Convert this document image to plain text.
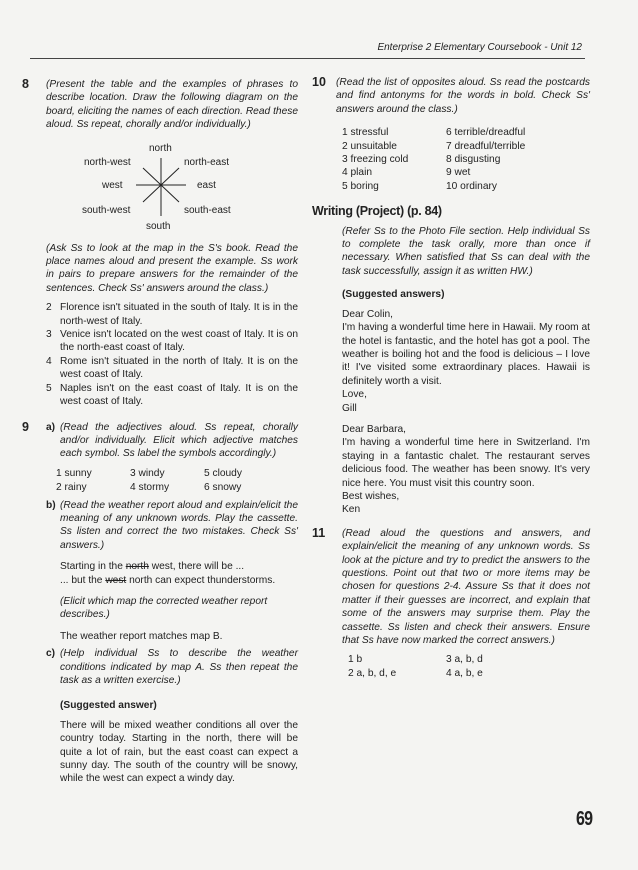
Enterprise 2 Elementary Coursebook - Unit 12
8	(Present the table and the examples of phrases to describe location. Draw the following diagram on the board, eliciting the names of each direction. Read these aloud. Ss repeat, chorally and/or individually.)
north
north-west	north-east
west	east
south-west	south-east
south
(Ask Ss to look at the map in the S's book. Read the place names aloud and present the example. Ss work in pairs to prepare answers for the remainder of the sentences. Check Ss' answers around the class.)
2 Florence isn't situated in the south of Italy. It is in the north-west of Italy.
3 Venice isn't located on the west coast of Italy. It is on the north-east coast of Italy.
4 Rome isn't situated in the north of Italy. It is on the west coast of Italy.
5 Naples isn't on the east coast of Italy. It is on the west coast of Italy.
9	a) (Read the adjectives aloud. Ss repeat, chorally and/or individually. Elicit which adjective matches each symbol. Ss label the symbols accordingly.)
1 sunny	3 windy	5 cloudy
2 rainy	4 stormy	6 snowy
b) (Read the weather report aloud and explain/elicit the meaning of any unknown words. Play the cassette. Ss listen and correct the two mistakes. Check Ss' answers.)
Starting in the north west, there will be ...
... but the west north can expect thunderstorms.
(Elicit which map the corrected weather report describes.)
The weather report matches map B.
c) (Help individual Ss to describe the weather conditions indicated by map A. Ss then repeat the task as a written exercise.)
(Suggested answer)
There will be mixed weather conditions all over the country today. Starting in the north, there will be quite a lot of rain, but the east coast can expect a sunny day. The south of the country will be snowy, while the west can expect a windy day.
10 (Read the list of opposites aloud. Ss read the postcards and find antonyms for the words in bold. Check Ss' answers around the class.)
1 stressful	6 terrible/dreadful
2 unsuitable	7 dreadful/terrible
3 freezing cold	8 disgusting
4 plain	9 wet
5 boring	10 ordinary
Writing (Project) (p. 84)
(Refer Ss to the Photo File section. Help individual Ss to complete the task orally, more than once if necessary. When satisfied that Ss can deal with the task successfully, assign it as written HW.)
(Suggested answers)
Dear Colin,
I'm having a wonderful time here in Hawaii. My room at the hotel is fantastic, and the hotel has got a pool. The weather is boiling hot and the food is delicious – I love it! I've visited some extraordinary places. Hawaii is definitely worth a visit.
Love,
Gill
Dear Barbara,
I'm having a wonderful time here in Switzerland. I'm staying in a fantastic chalet. The restaurant serves delicious food. The weather has been snowy. It's very nice here. You must visit this country soon.
Best wishes,
Ken
11	(Read aloud the questions and answers, and explain/elicit the meaning of any unknown words. Ss look at the picture and try to predict the answers to the questions. Point out that two or more items may be chosen for questions 2-4. Assure Ss that it does not matter if their guesses are incorrect, and explain that some of the answers may surprise them. Play the cassette. Ss listen and check their answers. Ensure that Ss have now marked the correct answers.)
1 b	3 a, b, d
2 a, b, d, e	4 a, b, e
69
